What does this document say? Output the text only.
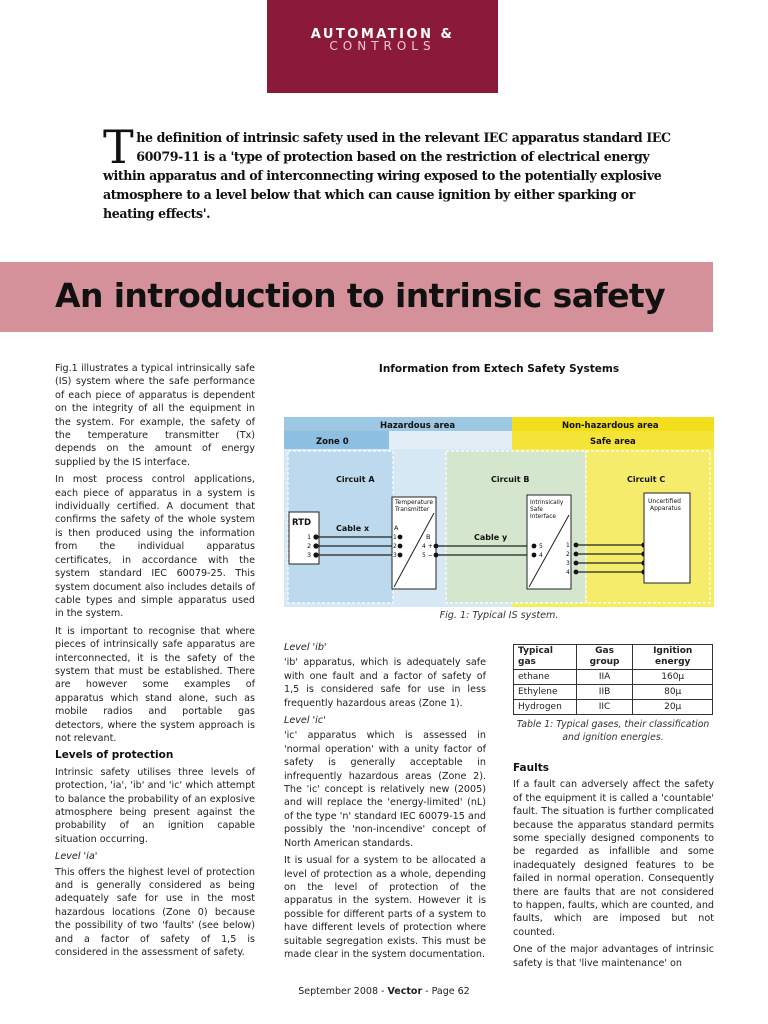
AUTOMATION &
CONTROLS
The definition of intrinsic safety used in the relevant IEC apparatus standard IEC 60079-11 is a 'type of protection based on the restriction of electrical energy within apparatus and of interconnecting wiring exposed to the potentially explosive atmosphere to a level below that which can cause ignition by either sparking or heating effects'.
An introduction to intrinsic safety

Fig.1 illustrates a typical intrinsically safe (IS) system where the safe performance of each piece of apparatus is dependent on the integrity of all the equipment in the system. For example, the safety of the temperature transmitter (Tx) depends on the amount of energy supplied by the IS interface.

In most process control applications, each piece of apparatus in a system is individually certified. A document that confirms the safety of the whole system is then produced using the information from the individual apparatus certificates, in accordance with the system standard IEC 60079-25. This system document also includes details of cable types and simple apparatus used in the system.

It is important to recognise that where pieces of intrinsically safe apparatus are interconnected, it is the safety of the system that must be established. There are however some examples of apparatus which stand alone, such as mobile radios and portable gas detectors, where the system approach is not relevant.

Levels of protection

Intrinsic safety utilises three levels of protection, 'ia', 'ib' and 'ic' which attempt to balance the probability of an explosive atmosphere being present against the probability of an ignition capable situation occurring.

Level 'ia'

This offers the highest level of protection and is generally considered as being adequately safe for use in the most hazardous locations (Zone 0) because the possibility of two 'faults' (see below) and a factor of safety of 1,5 is considered in the assessment of safety.

Information from Extech Safety Systems
Hazardous area	Non-hazardous area
Zone 0	Safe area
Circuit A	Circuit B	Circuit C
RTD
1
2
3
Cable x
Temperature
Transmitter
A
B
1
2
3
4 +
5 −
Cable y
Intrinsically
Safe
Interface
5
4
1
2
3
4
Uncertified
Apparatus
Fig. 1: Typical IS system.

Level 'ib'

'ib' apparatus, which is adequately safe with one fault and a factor of safety of 1,5 is considered safe for use in less frequently hazardous areas (Zone 1).

Level 'ic'

'ic' apparatus which is assessed in 'normal operation' with a unity factor of safety is generally acceptable in infrequently hazardous areas (Zone 2). The 'ic' concept is relatively new (2005) and will replace the 'energy-limited' (nL) of the type 'n' standard IEC 60079-15 and possibly the 'non-incendive' concept of North American standards.

It is usual for a system to be allocated a level of protection as a whole, depending on the level of protection of the apparatus in the system. However it is possible for different parts of a system to have different levels of protection where suitable segregation exists. This must be made clear in the system documentation.

Typical gas	Gas group	Ignition energy
ethane	IIA	160μ
Ethylene	IIB	80μ
Hydrogen	IIC	20μ
Table 1: Typical gases, their classification and ignition energies.
Faults

If a fault can adversely affect the safety of the equipment it is called a 'countable' fault. The situation is further complicated because the apparatus standard permits some specially designed components to be regarded as infallible and some inadequately designed features to be failed in normal operation. Consequently there are faults that are not considered to happen, faults, which are counted, and faults, which are imposed but not counted.

One of the major advantages of intrinsic safety is that 'live maintenance' on

September 2008 - Vector - Page 62
